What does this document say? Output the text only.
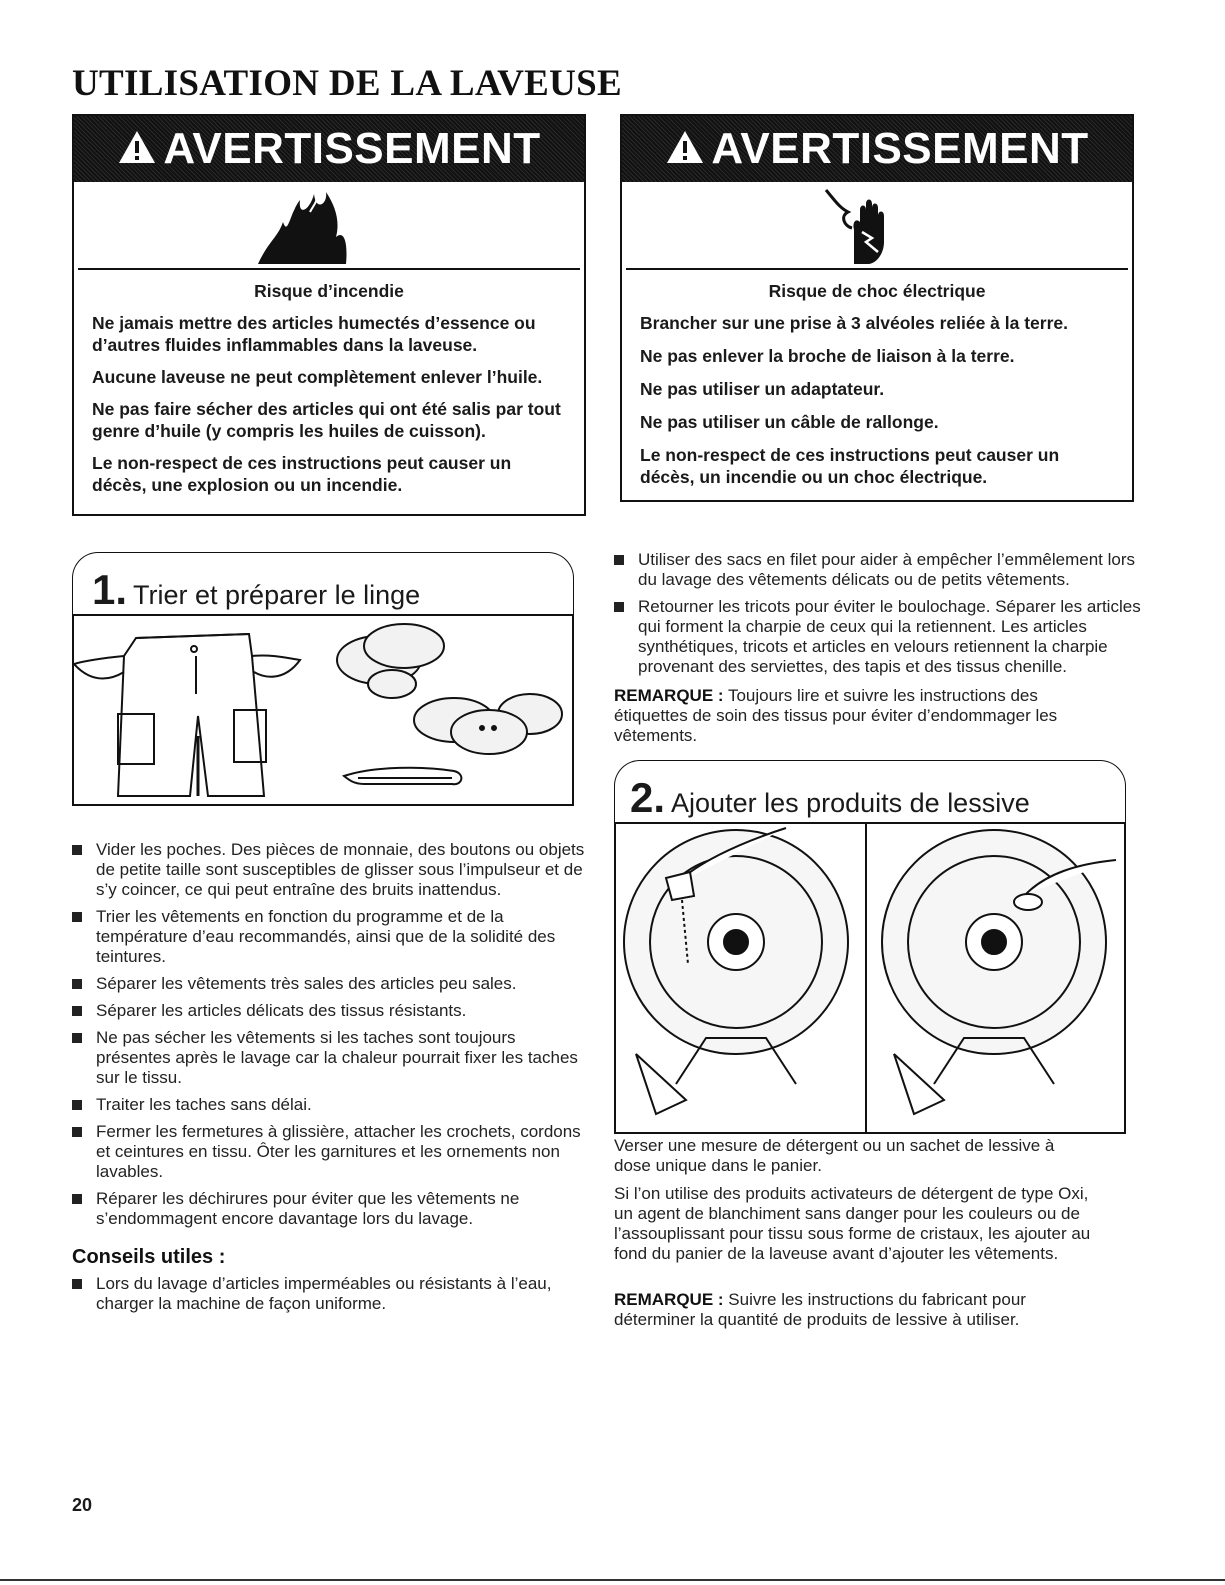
UTILISATION DE LA LAVEUSE
AVERTISSEMENT
Risque d’incendie

Ne jamais mettre des articles humectés d’essence ou d’autres fluides inflammables dans la laveuse.

Aucune laveuse ne peut complètement enlever l’huile.

Ne pas faire sécher des articles qui ont été salis par tout genre d’huile (y compris les huiles de cuisson).

Le non-respect de ces instructions peut causer un décès, une explosion ou un incendie.

AVERTISSEMENT
Risque de choc électrique

Brancher sur une prise à 3 alvéoles reliée à la terre.

Ne pas enlever la broche de liaison à la terre.

Ne pas utiliser un adaptateur.

Ne pas utiliser un câble de rallonge.

Le non-respect de ces instructions peut causer un décès, un incendie ou un choc électrique.

1. Trier et préparer le linge
Vider les poches. Des pièces de monnaie, des boutons ou objets de petite taille sont susceptibles de glisser sous l’impulseur et de s’y coincer, ce qui peut entraîne des bruits inattendus.
Trier les vêtements en fonction du programme et de la température d’eau recommandés, ainsi que de la solidité des teintures.
Séparer les vêtements très sales des articles peu sales.
Séparer les articles délicats des tissus résistants.
Ne pas sécher les vêtements si les taches sont toujours présentes après le lavage car la chaleur pourrait fixer les taches sur le tissu.
Traiter les taches sans délai.
Fermer les fermetures à glissière, attacher les crochets, cordons et ceintures en tissu. Ôter les garnitures et les ornements non lavables.
Réparer les déchirures pour éviter que les vêtements ne s’endommagent encore davantage lors du lavage.
Conseils utiles :
Lors du lavage d’articles imperméables ou résistants à l’eau, charger la machine de façon uniforme.
Utiliser des sacs en filet pour aider à empêcher l’emmêlement lors du lavage des vêtements délicats ou de petits vêtements.
Retourner les tricots pour éviter le boulochage. Séparer les articles qui forment la charpie de ceux qui la retiennent. Les articles synthétiques, tricots et articles en velours retiennent la charpie provenant des serviettes, des tapis et des tissus chenille.
REMARQUE : Toujours lire et suivre les instructions des étiquettes de soin des tissus pour éviter d’endommager les vêtements.
2. Ajouter les produits de lessive
Verser une mesure de détergent ou un sachet de lessive à dose unique dans le panier.
Si l’on utilise des produits activateurs de détergent de type Oxi, un agent de blanchiment sans danger pour les couleurs ou de l’assouplissant pour tissu sous forme de cristaux, les ajouter au fond du panier de la laveuse avant d’ajouter les vêtements.
REMARQUE : Suivre les instructions du fabricant pour déterminer la quantité de produits de lessive à utiliser.
20
